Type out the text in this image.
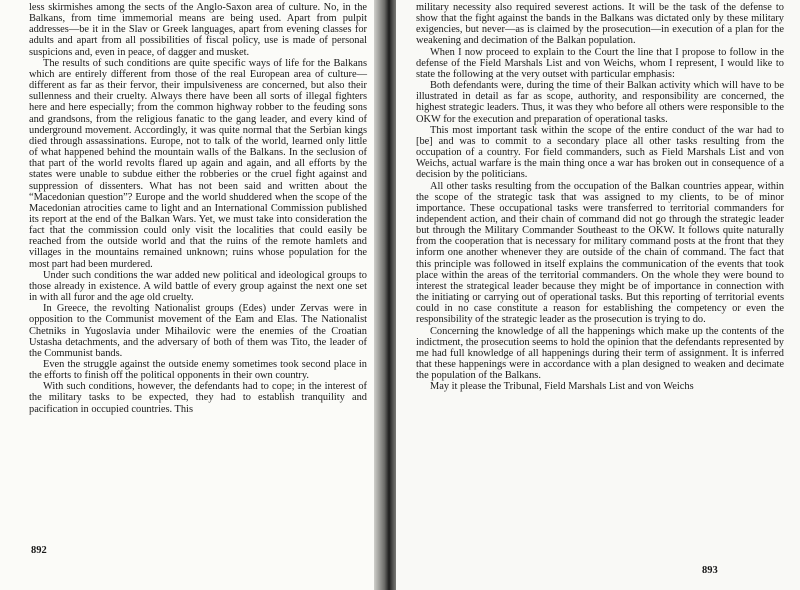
less skirmishes among the sects of the Anglo-Saxon area of culture. No, in the Balkans, from time immemorial means are being used. Apart from pulpit addresses—be it in the Slav or Greek languages, apart from evening classes for adults and apart from all possibilities of fiscal policy, use is made of personal suspicions and, even in peace, of dagger and musket.

The results of such conditions are quite specific ways of life for the Balkans which are entirely different from those of the real European area of culture—different as far as their fervor, their impulsiveness are concerned, but also their sullenness and their cruelty. Always there have been all sorts of illegal fighters here and here especially; from the common highway robber to the feuding sons and grandsons, from the religious fanatic to the gang leader, and every kind of underground movement. Accordingly, it was quite normal that the Serbian kings died through assassinations. Europe, not to talk of the world, learned only little of what happened behind the mountain walls of the Balkans. In the seclusion of that part of the world revolts flared up again and again, and all efforts by the states were unable to subdue either the robberies or the cruel fight against and suppression of dissenters. What has not been said and written about the “Macedonian question”? Europe and the world shuddered when the scope of the Macedonian atrocities came to light and an International Commission published its report at the end of the Balkan Wars. Yet, we must take into consideration the fact that the commission could only visit the localities that could easily be reached from the outside world and that the ruins of the remote hamlets and villages in the mountains remained unknown; ruins whose population for the most part had been murdered.

Under such conditions the war added new political and ideological groups to those already in existence. A wild battle of every group against the next one set in with all furor and the age old cruelty.

In Greece, the revolting Nationalist groups (Edes) under Zervas were in opposition to the Communist movement of the Eam and Elas. The Nationalist Chetniks in Yugoslavia under Mihailovic were the enemies of the Croatian Ustasha detachments, and the adversary of both of them was Tito, the leader of the Communist bands.

Even the struggle against the outside enemy sometimes took second place in the efforts to finish off the political opponents in their own country.

With such conditions, however, the defendants had to cope; in the interest of the military tasks to be expected, they had to establish tranquility and pacification in occupied countries. This

892

military necessity also required severest actions. It will be the task of the defense to show that the fight against the bands in the Balkans was dictated only by these military exigencies, but never—as is claimed by the prosecution—in execution of a plan for the weakening and decimation of the Balkan population.

When I now proceed to explain to the Court the line that I propose to follow in the defense of the Field Marshals List and von Weichs, whom I represent, I would like to state the following at the very outset with particular emphasis:

Both defendants were, during the time of their Balkan activity which will have to be illustrated in detail as far as scope, authority, and responsibility are concerned, the highest strategic leaders. Thus, it was they who before all others were responsible to the OKW for the execution and preparation of operational tasks.

This most important task within the scope of the entire conduct of the war had to [be] and was to commit to a secondary place all other tasks resulting from the occupation of a country. For field commanders, such as Field Marshals List and von Weichs, actual warfare is the main thing once a war has broken out in consequence of a decision by the politicians.

All other tasks resulting from the occupation of the Balkan countries appear, within the scope of the strategic task that was assigned to my clients, to be of minor importance. These occupational tasks were transferred to territorial commanders for independent action, and their chain of command did not go through the strategic leader but through the Military Commander Southeast to the OKW. It follows quite naturally from the cooperation that is necessary for military command posts at the front that they inform one another whenever they are outside of the chain of command. The fact that this principle was followed in itself explains the communication of the events that took place within the areas of the territorial commanders. On the whole they were bound to interest the strategical leader because they might be of importance in connection with the initiating or carrying out of operational tasks. But this reporting of territorial events could in no case constitute a reason for establishing the competency or even the responsibility of the strategic leader as the prosecution is trying to do.

Concerning the knowledge of all the happenings which make up the contents of the indictment, the prosecution seems to hold the opinion that the defendants represented by me had full knowledge of all happenings during their term of assignment. It is inferred that these happenings were in accordance with a plan designed to weaken and decimate the population of the Balkans.

May it please the Tribunal, Field Marshals List and von Weichs

893
